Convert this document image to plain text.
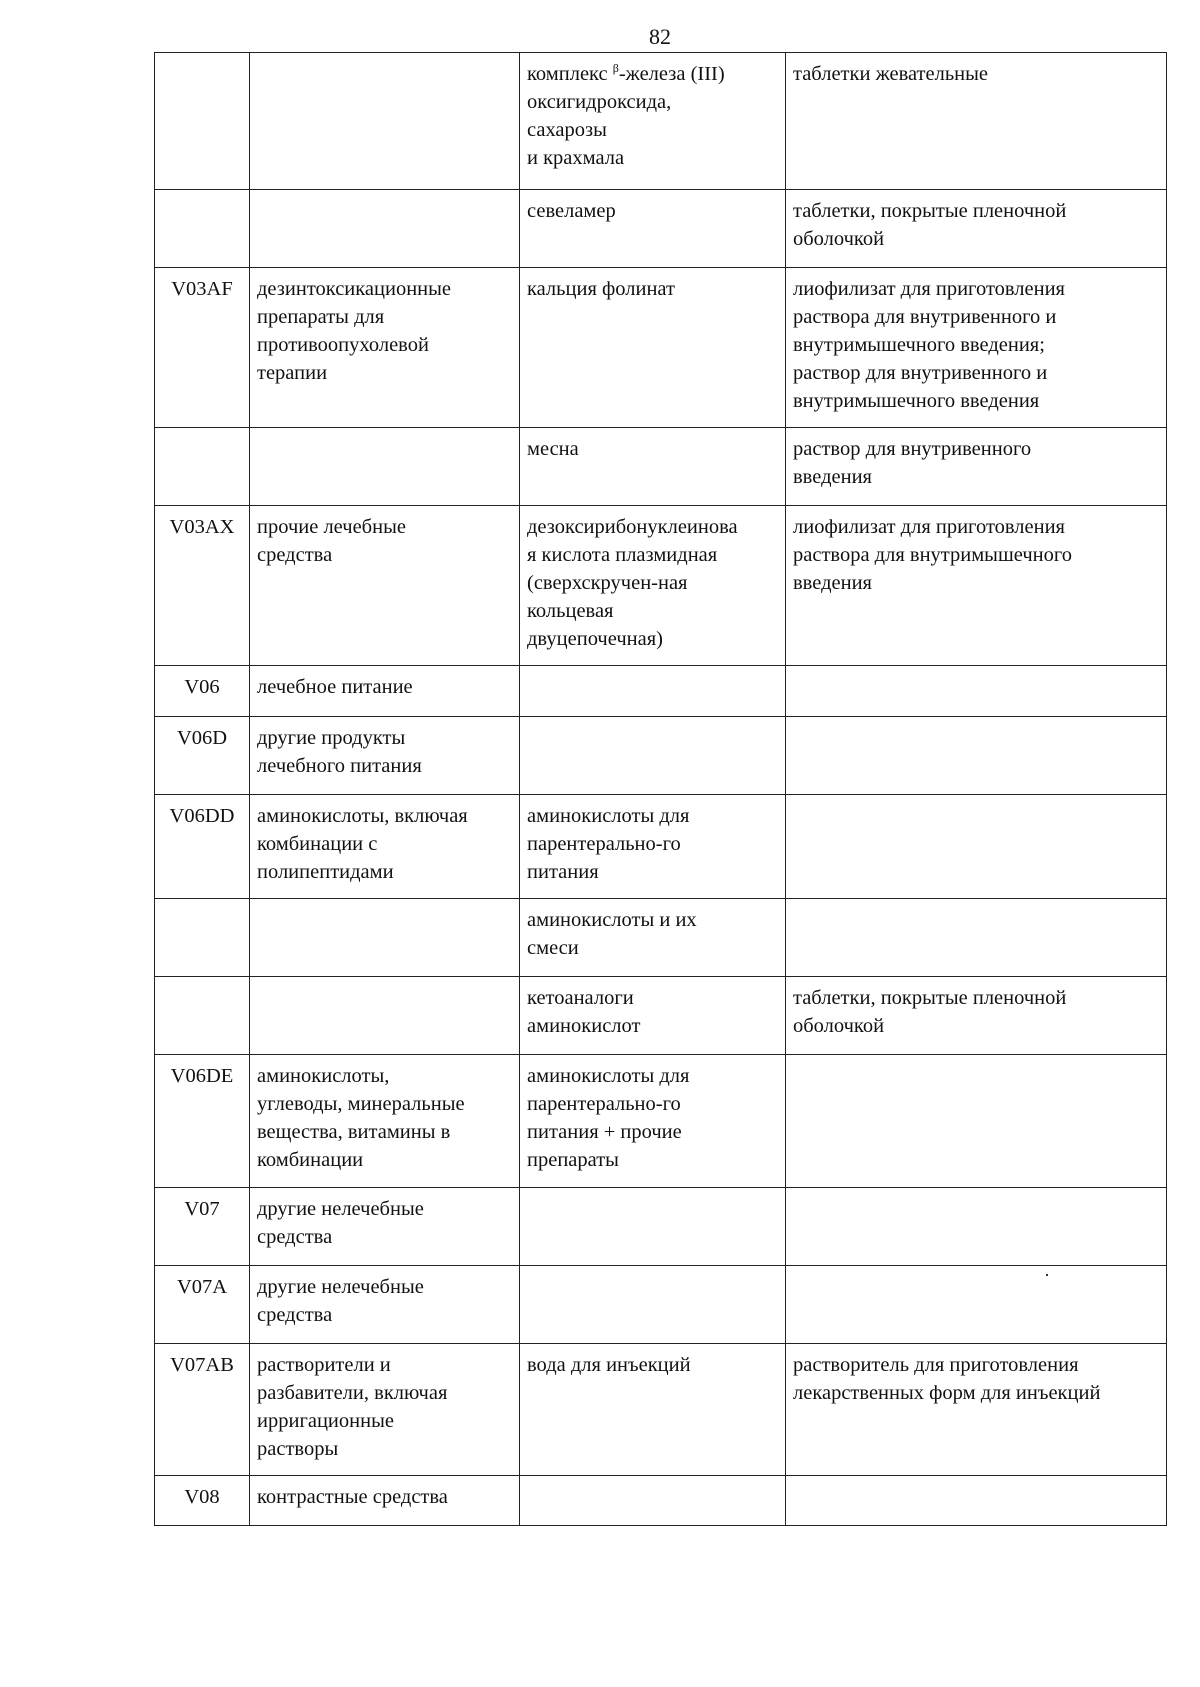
82

		комплекс $^\beta$-железа (III)
оксигидроксида,
сахарозы
и крахмала	таблетки жевательные

		севеламер	таблетки, покрытые пленочной
оболочкой

V03AF	дезинтоксикационные
препараты для
противоопухолевой
терапии	кальция фолинат	лиофилизат для приготовления
раствора для внутривенного и
внутримышечного введения;
раствор для внутривенного и
внутримышечного введения

		месна	раствор для внутривенного
введения

V03AX	прочие лечебные
средства	дезоксирибонуклеинова
я кислота плазмидная
(сверхскручен-ная
кольцевая
двуцепочечная)	лиофилизат для приготовления
раствора для внутримышечного
введения

V06	лечебное питание		

V06D	другие продукты
лечебного питания		

V06DD	аминокислоты, включая
комбинации с
полипептидами	аминокислоты для
парентерально-го
питания	

		аминокислоты и их
смеси	

		кетоаналоги
аминокислот	таблетки, покрытые пленочной
оболочкой

V06DE	аминокислоты,
углеводы, минеральные
вещества, витамины в
комбинации	аминокислоты для
парентерально-го
питания + прочие
препараты	

V07	другие нелечебные
средства		

V07A	другие нелечебные
средства		

V07AB	растворители и
разбавители, включая
ирригационные
растворы	вода для инъекций	растворитель для приготовления
лекарственных форм для инъекций

V08	контрастные средства		
